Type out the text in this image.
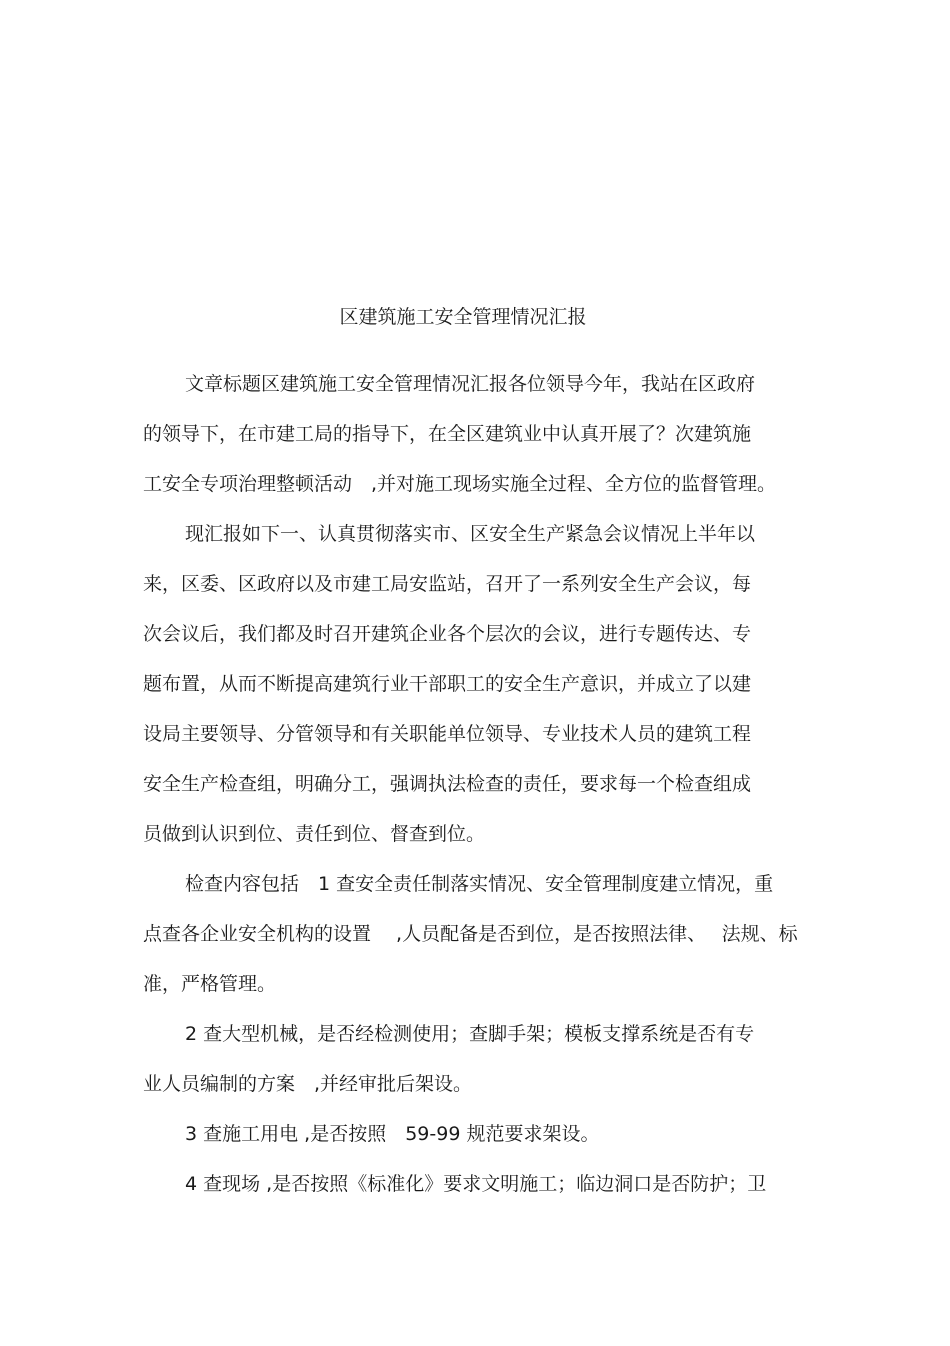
区建筑施工安全管理情况汇报
文章标题区建筑施工安全管理情况汇报各位领导今年，我站在区政府
的领导下，在市建工局的指导下，在全区建筑业中认真开展了？次建筑施
工安全专项治理整顿活动　,并对施工现场实施全过程、全方位的监督管理。
现汇报如下一、认真贯彻落实市、区安全生产紧急会议情况上半年以
来，区委、区政府以及市建工局安监站，召开了一系列安全生产会议，每
次会议后，我们都及时召开建筑企业各个层次的会议，进行专题传达、专
题布置，从而不断提高建筑行业干部职工的安全生产意识，并成立了以建
设局主要领导、分管领导和有关职能单位领导、专业技术人员的建筑工程
安全生产检查组，明确分工，强调执法检查的责任，要求每一个检查组成
员做到认识到位、责任到位、督查到位。
检查内容包括　1 查安全责任制落实情况、安全管理制度建立情况，重
点查各企业安全机构的设置　 ,人员配备是否到位，是否按照法律、　 法规、标
准，严格管理。
2 查大型机械，是否经检测使用；查脚手架；模板支撑系统是否有专
业人员编制的方案　,并经审批后架设。
3 查施工用电 ,是否按照　59-99 规范要求架设。
4 查现场 ,是否按照《标准化》要求文明施工；临边洞口是否防护；卫
